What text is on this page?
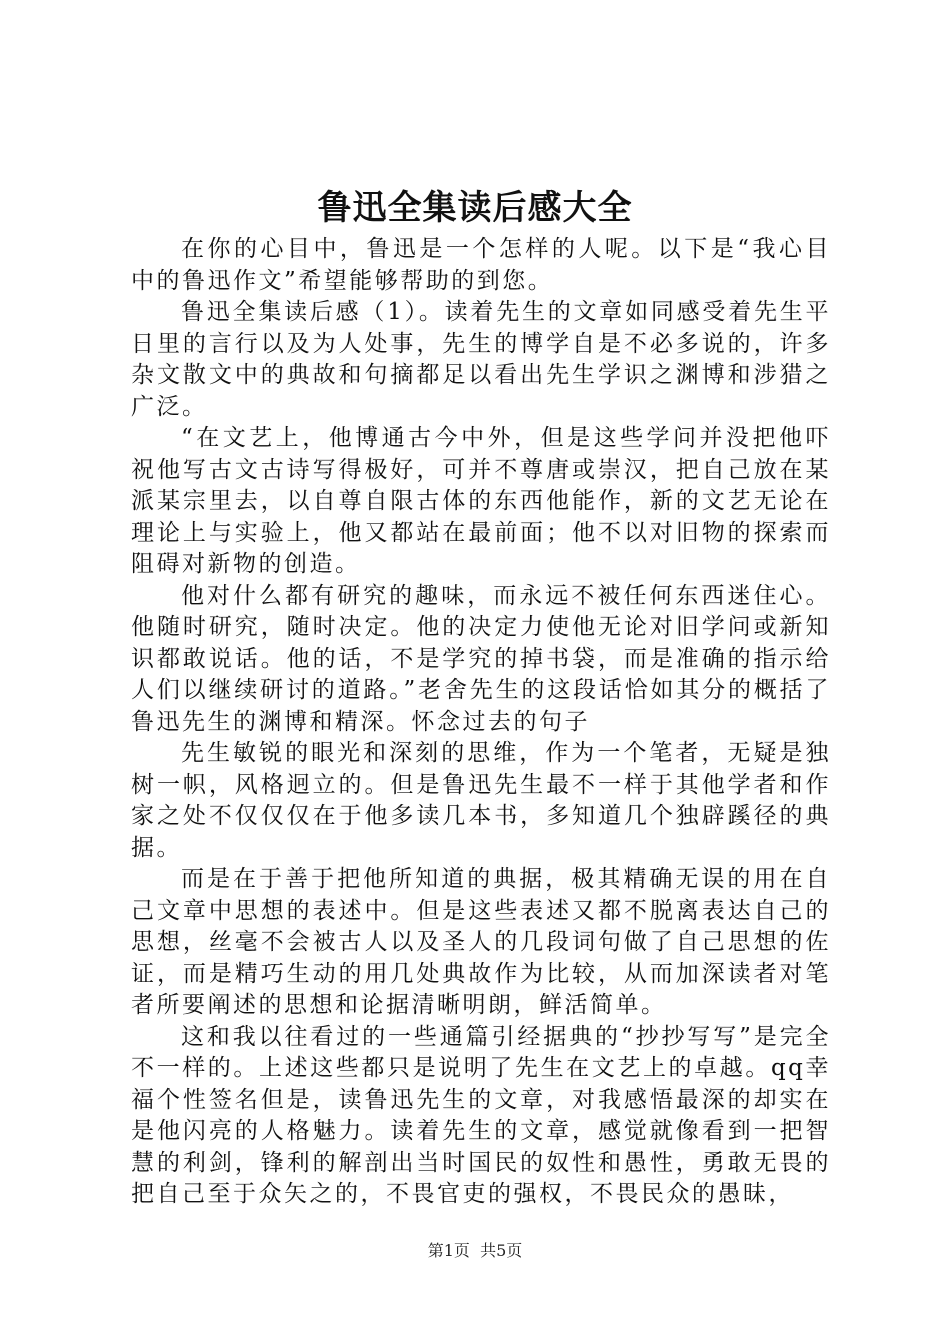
鲁迅全集读后感大全

在你的心目中，鲁迅是一个怎样的人呢。以下是“我心目中的鲁迅作文”希望能够帮助的到您。

鲁迅全集读后感（1）。读着先生的文章如同感受着先生平日里的言行以及为人处事，先生的博学自是不必多说的，许多杂文散文中的典故和句摘都足以看出先生学识之渊博和涉猎之广泛。

“在文艺上，他博通古今中外，但是这些学问并没把他吓祝他写古文古诗写得极好，可并不尊唐或崇汉，把自己放在某派某宗里去，以自尊自限古体的东西他能作，新的文艺无论在理论上与实验上，他又都站在最前面；他不以对旧物的探索而阻碍对新物的创造。

他对什么都有研究的趣味，而永远不被任何东西迷住心。他随时研究，随时决定。他的决定力使他无论对旧学问或新知识都敢说话。他的话，不是学究的掉书袋，而是准确的指示给人们以继续研讨的道路。”老舍先生的这段话恰如其分的概括了鲁迅先生的渊博和精深。怀念过去的句子

先生敏锐的眼光和深刻的思维，作为一个笔者，无疑是独树一帜，风格迥立的。但是鲁迅先生最不一样于其他学者和作家之处不仅仅仅在于他多读几本书，多知道几个独辟蹊径的典据。

而是在于善于把他所知道的典据，极其精确无误的用在自己文章中思想的表述中。但是这些表述又都不脱离表达自己的思想，丝毫不会被古人以及圣人的几段词句做了自己思想的佐证，而是精巧生动的用几处典故作为比较，从而加深读者对笔者所要阐述的思想和论据清晰明朗，鲜活简单。

这和我以往看过的一些通篇引经据典的“抄抄写写”是完全不一样的。上述这些都只是说明了先生在文艺上的卓越。qq幸福个性签名但是，读鲁迅先生的文章，对我感悟最深的却实在是他闪亮的人格魅力。读着先生的文章，感觉就像看到一把智慧的利剑，锋利的解剖出当时国民的奴性和愚性，勇敢无畏的把自己至于众矢之的，不畏官吏的强权，不畏民众的愚昧，

第1页 共5页
